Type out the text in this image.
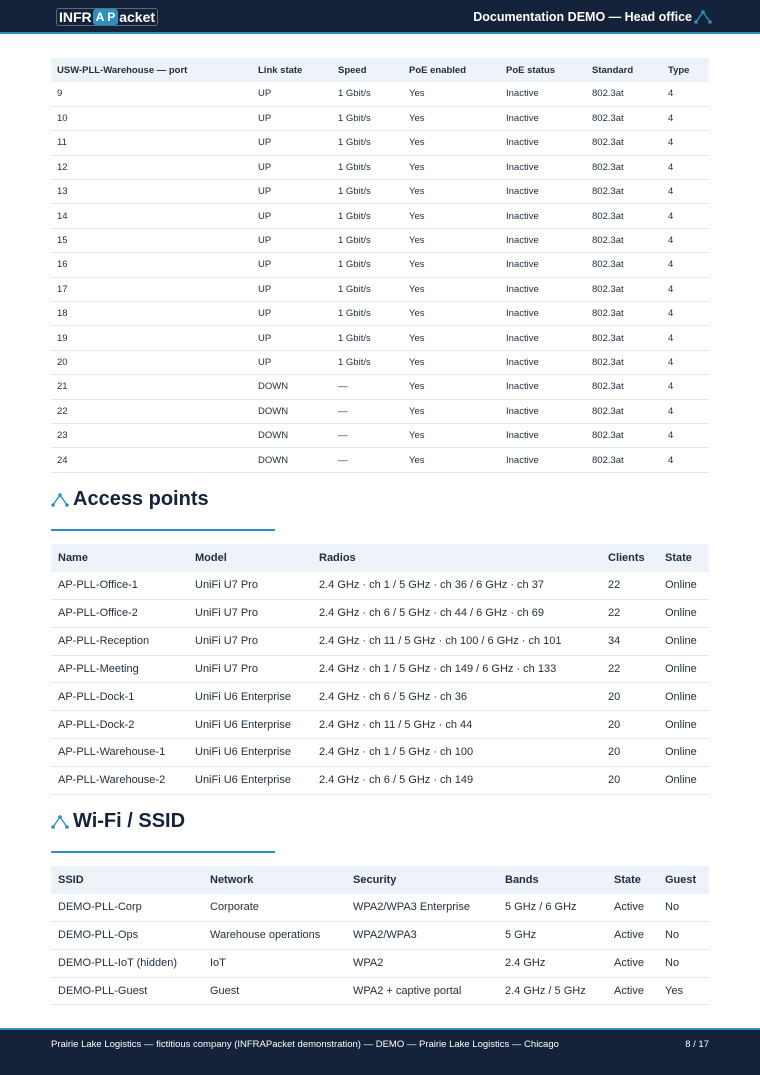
INFR A P acket	Documentation DEMO — Head office
USW-PLL-Warehouse — port	Link state	Speed	PoE enabled	PoE status	Standard	Type
9	UP	1 Gbit/s	Yes	Inactive	802.3at	4
10	UP	1 Gbit/s	Yes	Inactive	802.3at	4
11	UP	1 Gbit/s	Yes	Inactive	802.3at	4
12	UP	1 Gbit/s	Yes	Inactive	802.3at	4
13	UP	1 Gbit/s	Yes	Inactive	802.3at	4
14	UP	1 Gbit/s	Yes	Inactive	802.3at	4
15	UP	1 Gbit/s	Yes	Inactive	802.3at	4
16	UP	1 Gbit/s	Yes	Inactive	802.3at	4
17	UP	1 Gbit/s	Yes	Inactive	802.3at	4
18	UP	1 Gbit/s	Yes	Inactive	802.3at	4
19	UP	1 Gbit/s	Yes	Inactive	802.3at	4
20	UP	1 Gbit/s	Yes	Inactive	802.3at	4
21	DOWN	—	Yes	Inactive	802.3at	4
22	DOWN	—	Yes	Inactive	802.3at	4
23	DOWN	—	Yes	Inactive	802.3at	4
24	DOWN	—	Yes	Inactive	802.3at	4
Access points
Name	Model	Radios	Clients	State
AP-PLL-Office-1	UniFi U7 Pro	2.4 GHz · ch 1 / 5 GHz · ch 36 / 6 GHz · ch 37	22	Online
AP-PLL-Office-2	UniFi U7 Pro	2.4 GHz · ch 6 / 5 GHz · ch 44 / 6 GHz · ch 69	22	Online
AP-PLL-Reception	UniFi U7 Pro	2.4 GHz · ch 11 / 5 GHz · ch 100 / 6 GHz · ch 101	34	Online
AP-PLL-Meeting	UniFi U7 Pro	2.4 GHz · ch 1 / 5 GHz · ch 149 / 6 GHz · ch 133	22	Online
AP-PLL-Dock-1	UniFi U6 Enterprise	2.4 GHz · ch 6 / 5 GHz · ch 36	20	Online
AP-PLL-Dock-2	UniFi U6 Enterprise	2.4 GHz · ch 11 / 5 GHz · ch 44	20	Online
AP-PLL-Warehouse-1	UniFi U6 Enterprise	2.4 GHz · ch 1 / 5 GHz · ch 100	20	Online
AP-PLL-Warehouse-2	UniFi U6 Enterprise	2.4 GHz · ch 6 / 5 GHz · ch 149	20	Online
Wi-Fi / SSID
SSID	Network	Security	Bands	State	Guest
DEMO-PLL-Corp	Corporate	WPA2/WPA3 Enterprise	5 GHz / 6 GHz	Active	No
DEMO-PLL-Ops	Warehouse operations	WPA2/WPA3	5 GHz	Active	No
DEMO-PLL-IoT (hidden)	IoT	WPA2	2.4 GHz	Active	No
DEMO-PLL-Guest	Guest	WPA2 + captive portal	2.4 GHz / 5 GHz	Active	Yes
Prairie Lake Logistics — fictitious company (INFRAPacket demonstration) — DEMO — Prairie Lake Logistics — Chicago	8 / 17
